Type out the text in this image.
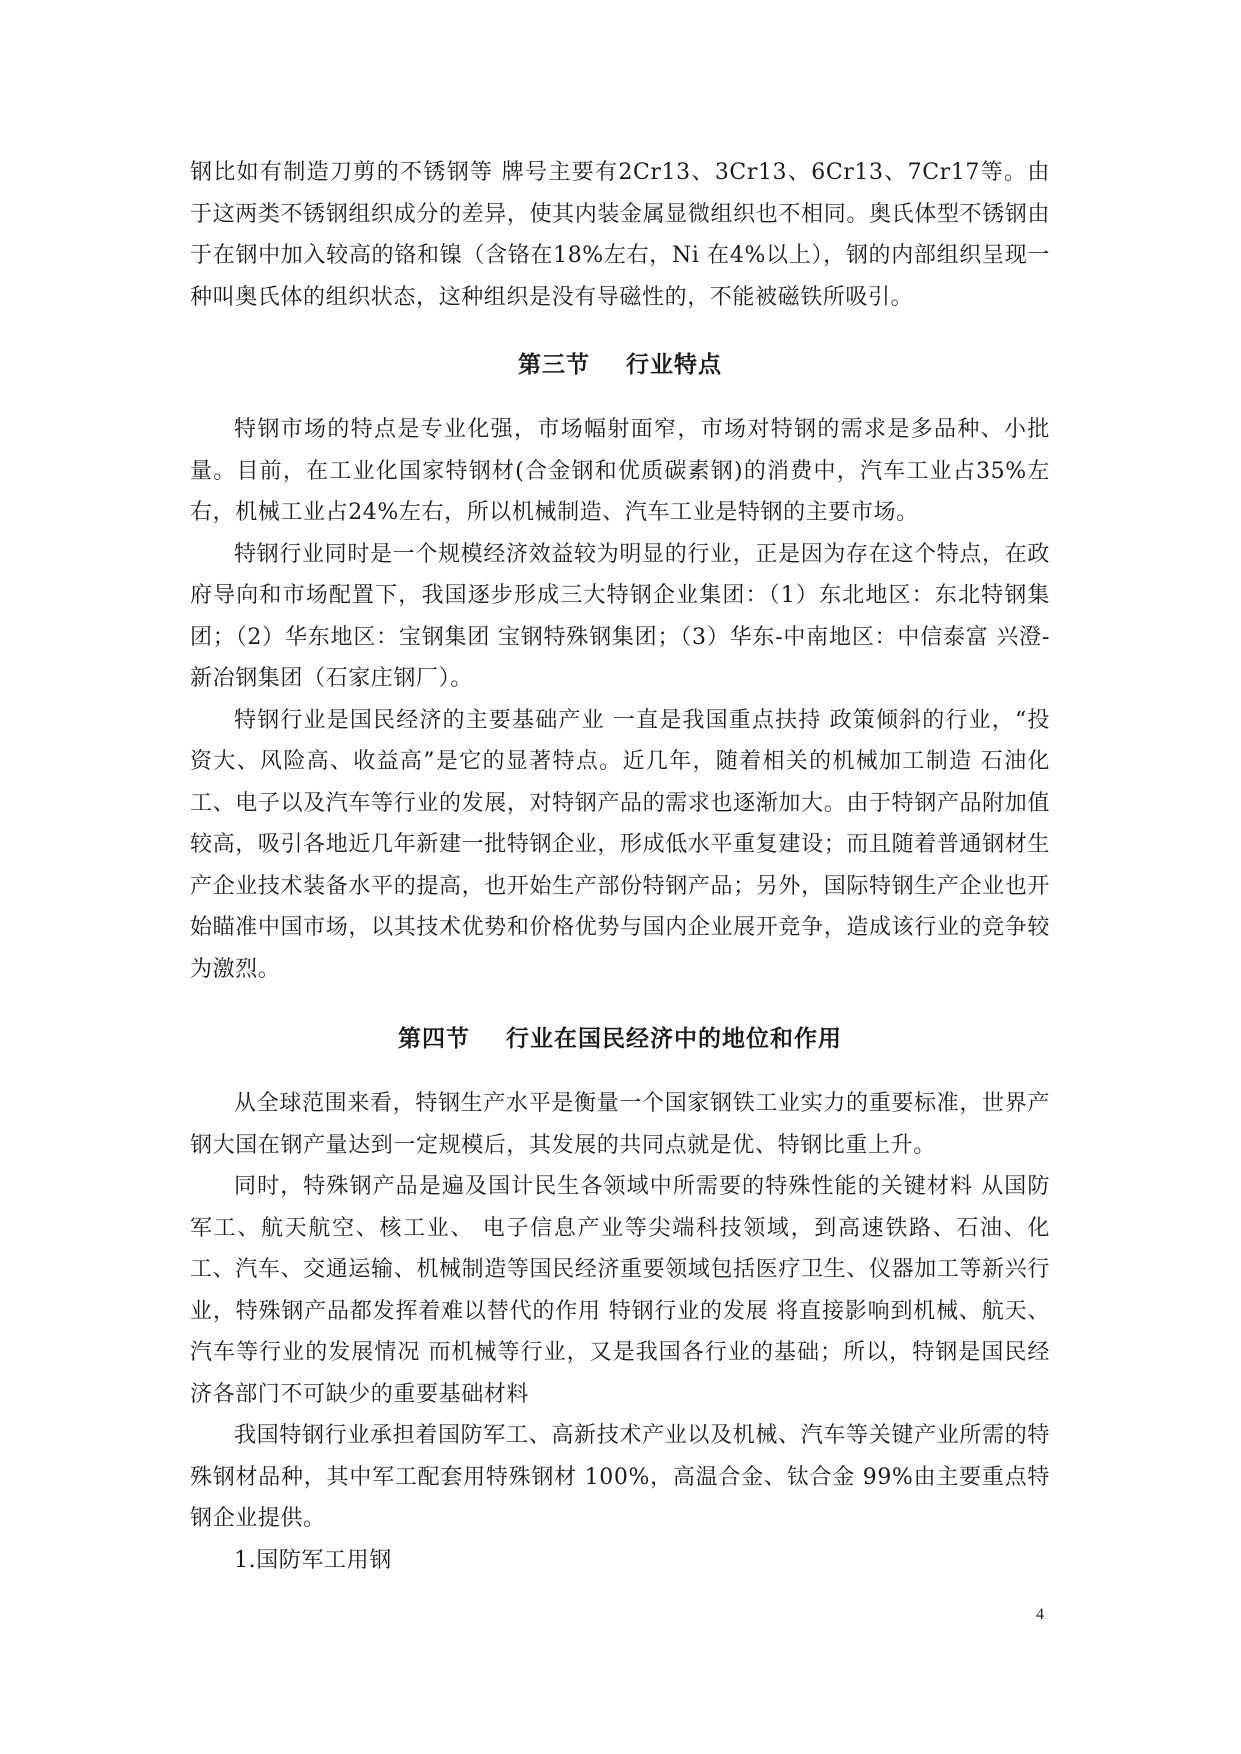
钢比如有制造刀剪的不锈钢等 牌号主要有2Cr13、3Cr13、6Cr13、7Cr17等。由于这两类不锈钢组织成分的差异，使其内装金属显微组织也不相同。奥氏体型不锈钢由于在钢中加入较高的铬和镍（含铬在18%左右，Ni 在4%以上），钢的内部组织呈现一种叫奥氏体的组织状态，这种组织是没有导磁性的，不能被磁铁所吸引。

第三节    行业特点

特钢市场的特点是专业化强，市场幅射面窄，市场对特钢的需求是多品种、小批量。目前，在工业化国家特钢材(合金钢和优质碳素钢)的消费中，汽车工业占35%左右，机械工业占24%左右，所以机械制造、汽车工业是特钢的主要市场。

特钢行业同时是一个规模经济效益较为明显的行业，正是因为存在这个特点，在政府导向和市场配置下，我国逐步形成三大特钢企业集团：（1）东北地区：东北特钢集团；（2）华东地区：宝钢集团 宝钢特殊钢集团；（3）华东-中南地区：中信泰富 兴澄-新冶钢集团（石家庄钢厂）。

特钢行业是国民经济的主要基础产业 一直是我国重点扶持 政策倾斜的行业，“投资大、风险高、收益高”是它的显著特点。近几年，随着相关的机械加工制造 石油化工、电子以及汽车等行业的发展，对特钢产品的需求也逐渐加大。由于特钢产品附加值较高，吸引各地近几年新建一批特钢企业，形成低水平重复建设；而且随着普通钢材生产企业技术装备水平的提高，也开始生产部份特钢产品；另外，国际特钢生产企业也开始瞄准中国市场，以其技术优势和价格优势与国内企业展开竞争，造成该行业的竞争较为激烈。

第四节    行业在国民经济中的地位和作用

从全球范围来看，特钢生产水平是衡量一个国家钢铁工业实力的重要标准，世界产钢大国在钢产量达到一定规模后，其发展的共同点就是优、特钢比重上升。

同时，特殊钢产品是遍及国计民生各领域中所需要的特殊性能的关键材料 从国防军工、航天航空、核工业、 电子信息产业等尖端科技领域，到高速铁路、石油、化工、汽车、交通运输、机械制造等国民经济重要领域包括医疗卫生、仪器加工等新兴行业，特殊钢产品都发挥着难以替代的作用 特钢行业的发展 将直接影响到机械、航天、汽车等行业的发展情况 而机械等行业，又是我国各行业的基础；所以，特钢是国民经济各部门不可缺少的重要基础材料

我国特钢行业承担着国防军工、高新技术产业以及机械、汽车等关键产业所需的特殊钢材品种，其中军工配套用特殊钢材 100%，高温合金、钛合金 99%由主要重点特钢企业提供。

1.国防军工用钢

4
